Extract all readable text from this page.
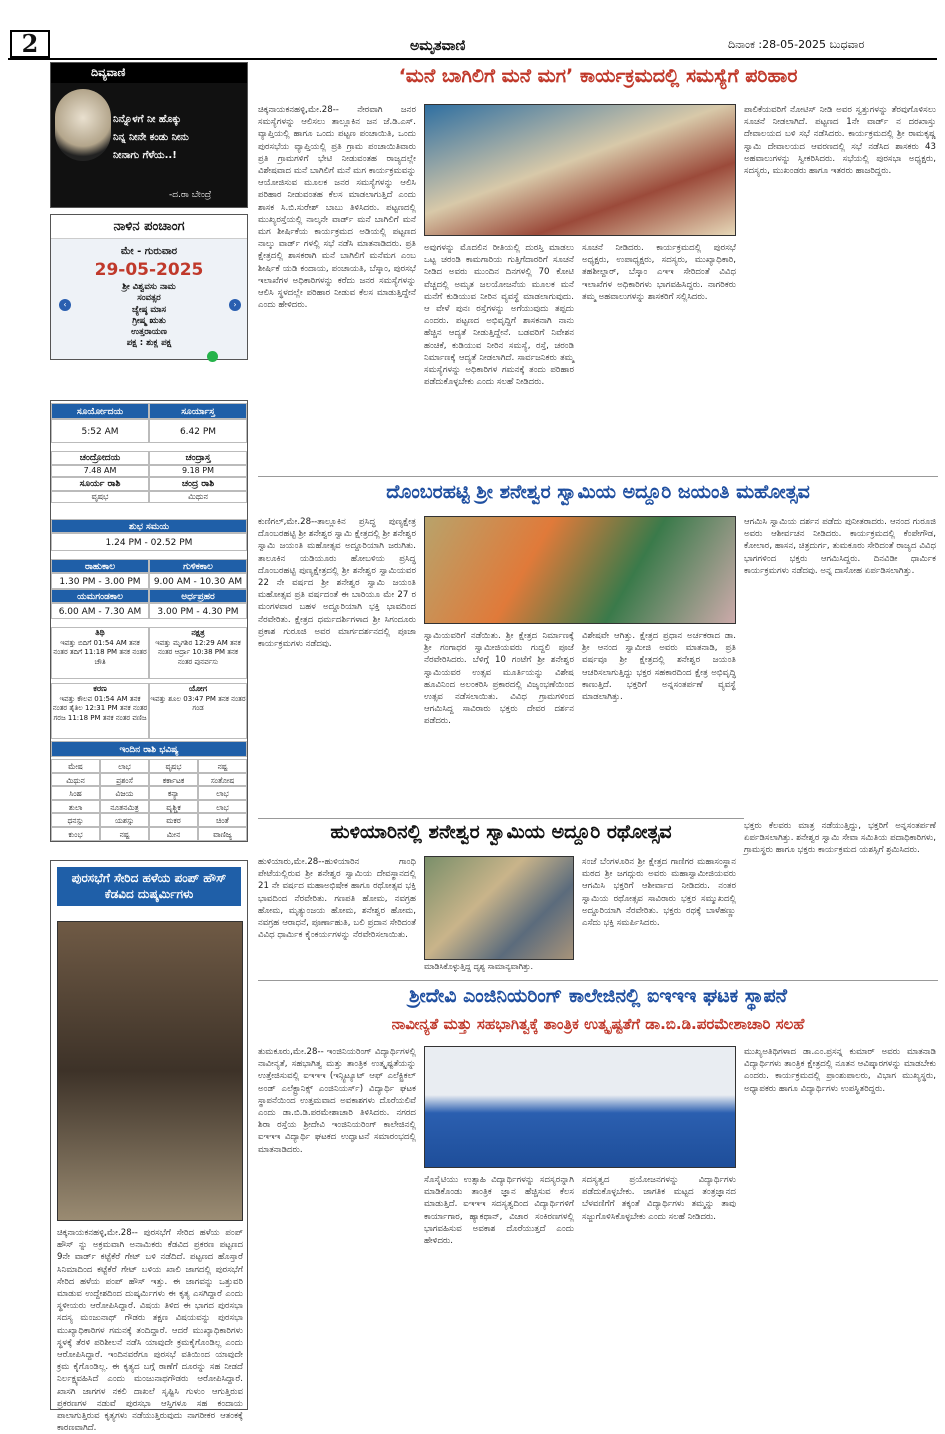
2	ಅಮೃತವಾಣಿ	ದಿನಾಂಕ :28-05-2025 ಬುಧವಾರ
ದಿವ್ಯವಾಣಿ
ನಿನ್ನೊಳಗೆ ನೀ ಹೊಕ್ಕು
ನಿನ್ನ ನೀನೇ ಕಂಡು ನೀನು
ನೀನಾಗು ಗೆಳೆಯ..!
-ದ.ರಾ ಬೇಂದ್ರೆ
ನಾಳಿನ ಪಂಚಾಂಗ
ಮೇ - ಗುರುವಾರ
29-05-2025
‹	›
ಶ್ರೀ ವಿಶ್ವವಸು ನಾಮ
ಸಂವತ್ಸರ
ಜ್ಯೇಷ್ಠ ಮಾಸ
ಗ್ರೀಷ್ಮ ಋತು
ಉತ್ತರಾಯಣ
ಪಕ್ಷ : ಶುಕ್ಲ ಪಕ್ಷ
ಸೂರ್ಯೋದಯ	ಸೂರ್ಯಾಸ್ತ
5:52 AM	6.42 PM
ಚಂದ್ರೋದಯ	ಚಂದ್ರಾಸ್ತ
7.48 AM	9.18 PM
ಸೂರ್ಯ ರಾಶಿ	ಚಂದ್ರ ರಾಶಿ
ವೃಷಭ	ಮಿಥುನ
ಶುಭ ಸಮಯ
1.24 PM - 02.52 PM
ರಾಹುಕಾಲ	ಗುಳಿಕಕಾಲ
1.30 PM - 3.00 PM	9.00 AM - 10.30 AM
ಯಮಗಂಡಕಾಲ	ಅರ್ಧಪ್ರಹರ
6.00 AM - 7.30 AM	3.00 PM - 4.30 PM
ತಿಥಿ
ಇವತ್ತು ಬಿದಿಗೆ 01:54 AM ತನಕ ನಂತರ ತದಿಗೆ 11:18 PM ತನಕ ನಂತರ ಚೌತಿ
ನಕ್ಷತ್ರ
ಇವತ್ತು ಮೃಗಶಿರ 12:29 AM ತನಕ ನಂತರ ಆರ್ದ್ರಾ 10:38 PM ತನಕ ನಂತರ ಪುನರ್ವಸು
ಕರಣ
ಇವತ್ತು ಕೌಲವ 01:54 AM ತನಕ ನಂತರ ತೈತಿಲ 12:31 PM ತನಕ ನಂತರ ಗರಜ 11:18 PM ತನಕ ನಂತರ ವಣಿಜ
ಯೋಗ
ಇವತ್ತು ಶೂಲ 03:47 PM ತನಕ ನಂತರ ಗಂಡ
ಇಂದಿನ ರಾಶಿ ಭವಿಷ್ಯ
ಮೇಷ	ಲಾಭ	ವೃಷಭ	ನಷ್ಟ
ಮಿಥುನ	ಪ್ರಶಂಸೆ	ಕರ್ಕಾಟಕ	ಸಂತೋಷ
ಸಿಂಹ	ವಿಜಯ	ಕನ್ಯಾ	ಲಾಭ
ತುಲಾ	ನೂತನಮಿತ್ರ	ವೃಶ್ಚಿಕ	ಲಾಭ
ಧನಸ್ಸು	ಯಶಸ್ಸು	ಮಕರ	ಚಿಂತೆ
ಕುಂಭ	ನಷ್ಟ	ಮೀನ	ವಾಣಿಜ್ಯ
ಪುರಸಭೆಗೆ ಸೇರಿದ ಹಳೆಯ ಪಂಪ್ ಹೌಸ್ ಕೆಡವಿದ ದುಷ್ಕರ್ಮಿಗಳು
ಚಿಕ್ಕನಾಯಕನಹಳ್ಳಿ,ಮೇ.28-- ಪುರಸಭೆಗೆ ಸೇರಿದ ಹಳೆಯ ಪಂಪ್ ಹೌಸ್ ನ್ನು ಅಕ್ರಮವಾಗಿ ಅನಾಮಿಕರು ಕೆಡವಿದ ಪ್ರಕರಣ ಪಟ್ಟಣದ 9ನೇ ವಾರ್ಡ್ ಕಟ್ಟೆಕೆರೆ ಗೇಟ್ ಬಳಿ ನಡೆದಿದೆ. ಪಟ್ಟಣದ ಹೊಸ್ತಾರೆ ಸಿನಿಮಾದಿಂದ ಕಟ್ಟೆಕೆರೆ ಗೇಟ್ ಬಳಿಯ ಖಾಲಿ ಜಾಗದಲ್ಲಿ ಪುರಸಭೆಗೆ ಸೇರಿದ ಹಳೆಯ ಪಂಪ್ ಹೌಸ್ ಇತ್ತು. ಈ ಜಾಗವನ್ನು ಒತ್ತುವರಿ ಮಾಡುವ ಉದ್ದೇಶದಿಂದ ದುಷ್ಕರ್ಮಿಗಳು ಈ ಕೃತ್ಯ ಎಸಗಿದ್ದಾರೆ ಎಂದು ಸ್ಥಳೀಯರು ಆರೋಪಿಸಿದ್ದಾರೆ. ವಿಷಯ ತಿಳಿದ ಈ ಭಾಗದ ಪುರಸಭಾ ಸದಸ್ಯ ಮಂಜುನಾಥ್ ಗೌಡರು ತಕ್ಷಣ ವಿಷಯವನ್ನು ಪುರಸಭಾ ಮುಖ್ಯಾಧಿಕಾರಿಗಳ ಗಮನಕ್ಕೆ ತಂದಿದ್ದಾರೆ. ಆದರೆ ಮುಖ್ಯಾಧಿಕಾರಿಗಳು ಸ್ಥಳಕ್ಕೆ ತೆರಳಿ ಪರಿಶೀಲನೆ ನಡೆಸಿ ಯಾವುದೇ ಕ್ರಮಕೈಗೊಂಡಿಲ್ಲ ಎಂದು ಆರೋಪಿಸಿದ್ದಾರೆ. ಇಂದಿನವರೆಗೂ ಪುರಸಭೆ ವತಿಯಿಂದ ಯಾವುದೇ ಕ್ರಮ ಕೈಗೊಂಡಿಲ್ಲ. ಈ ಕೃತ್ಯದ ಬಗ್ಗೆ ಠಾಣೆಗೆ ದೂರನ್ನು ಸಹ ನೀಡದೆ ನಿರ್ಲಕ್ಷ್ಯವಹಿಸಿದೆ ಎಂದು ಮಂಜುನಾಥಗೌಡರು ಆರೋಪಿಸಿದ್ದಾರೆ. ಖಾಸಗಿ ಜಾಗಗಳ ನಕಲಿ ದಾಖಲೆ ಸೃಷ್ಟಿಸಿ ಗುಳುಂ ಆಗುತ್ತಿರುವ ಪ್ರಕರಣಗಳ ನಡುವೆ ಪುರಸಭಾ ಆಸ್ತಿಗಳೂ ಸಹ ಕಂದಾಯ ಪಾಲಾಗುತ್ತಿರುವ ಕೃತ್ಯಗಳು ನಡೆಯುತ್ತಿರುವುದು ನಾಗರೀಕರ ಆತಂಕಕ್ಕೆ ಕಾರಣವಾಗಿದೆ.
‘ಮನೆ ಬಾಗಿಲಿಗೆ ಮನೆ ಮಗ’ ಕಾರ್ಯಕ್ರಮದಲ್ಲಿ ಸಮಸ್ಯೆಗೆ ಪರಿಹಾರ
ಚಿಕ್ಕನಾಯಕನಹಳ್ಳಿ,ಮೇ.28-- ನೇರವಾಗಿ ಜನರ ಸಮಸ್ಯೆಗಳನ್ನು ಆಲಿಸಲು ತಾಲ್ಲೂಕಿನ ಜನ ಜೆ.ಡಿ.ಎಸ್. ವ್ಯಾಪ್ತಿಯಲ್ಲಿ ಹಾಗೂ ಒಂದು ಪಟ್ಟಣ ಪಂಚಾಯಿತಿ, ಒಂದು ಪುರಸಭೆಯ ವ್ಯಾಪ್ತಿಯಲ್ಲಿ ಪ್ರತಿ ಗ್ರಾಮ ಪಂಚಾಯಿತಿವಾರು ಪ್ರತಿ ಗ್ರಾಮಗಳಿಗೆ ಭೇಟಿ ನೀಡುವಂತಹ ರಾಜ್ಯದಲ್ಲೇ ವಿಶೇಷವಾದ ಮನೆ ಬಾಗಿಲಿಗೆ ಮನೆ ಮಗ ಕಾರ್ಯಕ್ರಮವನ್ನು ಆಯೋಜಿಸುವ ಮೂಲಕ ಜನರ ಸಮಸ್ಯೆಗಳನ್ನು ಆಲಿಸಿ ಪರಿಹಾರ ನೀಡುವಂತಹ ಕೆಲಸ ಮಾಡಲಾಗುತ್ತಿದೆ ಎಂದು ಶಾಸಕ ಸಿ.ಬಿ.ಸುರೇಶ್ ಬಾಬು ತಿಳಿಸಿದರು. ಪಟ್ಟಣದಲ್ಲಿ ಮುಖ್ಯರಸ್ತೆಯಲ್ಲಿ ನಾಲ್ಕನೇ ವಾರ್ಡ್ ಮನೆ ಬಾಗಿಲಿಗೆ ಮನೆ ಮಗ ಶೀರ್ಷಿಕೆಯ ಕಾರ್ಯಕ್ರಮದ ಅಡಿಯಲ್ಲಿ ಪಟ್ಟಣದ ನಾಲ್ಕು ವಾರ್ಡ್ ಗಳಲ್ಲಿ ಸಭೆ ನಡೆಸಿ ಮಾತನಾಡಿದರು. ಪ್ರತಿ ಕ್ಷೇತ್ರದಲ್ಲಿ ಶಾಸಕರಾಗಿ ಮನೆ ಬಾಗಿಲಿಗೆ ಮನೆಮಗ ಎಂಬ ಶೀರ್ಷಿಕೆ ಯಡಿ ಕಂದಾಯ, ಪಂಚಾಯತಿ, ಬೆಸ್ಕಾಂ, ಪುರಸಭೆ ಇಲಾಖೆಗಳ ಅಧಿಕಾರಿಗಳನ್ನು ಕರೆದು ಜನರ ಸಮಸ್ಯೆಗಳನ್ನು ಆಲಿಸಿ ಸ್ಥಳದಲ್ಲೇ ಪರಿಹಾರ ನೀಡುವ ಕೆಲಸ ಮಾಡುತ್ತಿದ್ದೇನೆ ಎಂದು ಹೇಳಿದರು.
ಅವುಗಳನ್ನು ಮೊದಲಿನ ರೀತಿಯಲ್ಲಿ ದುರಸ್ತಿ ಮಾಡಲು ಒಟ್ಟ ಚರಂಡಿ ಕಾಮಗಾರಿಯ ಗುತ್ತಿಗೆದಾರರಿಗೆ ಸೂಚನೆ ನೀಡಿದ ಅವರು ಮುಂದಿನ ದಿನಗಳಲ್ಲಿ 70 ಕೋಟಿ ವೆಚ್ಚದಲ್ಲಿ ಅಮೃತ ಜಲಯೋಜನೆಯ ಮೂಲಕ ಮನೆ ಮನೆಗೆ ಕುಡಿಯುವ ನೀರಿನ ವ್ಯವಸ್ಥೆ ಮಾಡಲಾಗುವುದು. ಆ ವೇಳೆ ಪುನಃ ರಸ್ತೆಗಳನ್ನು ಅಗೆಯುವುದು ತಪ್ಪದು ಎಂದರು. ಪಟ್ಟಣದ ಅಭಿವೃದ್ದಿಗೆ ಶಾಸಕನಾಗಿ ನಾನು ಹೆಚ್ಚಿನ ಆದ್ಯತೆ ನೀಡುತ್ತಿದ್ದೇನೆ. ಬಡವರಿಗೆ ನಿವೇಶನ ಹಂಚಿಕೆ, ಕುಡಿಯುವ ನೀರಿನ ಸಮಸ್ಯೆ, ರಸ್ತೆ, ಚರಂಡಿ ನಿರ್ಮಾಣಕ್ಕೆ ಆದ್ಯತೆ ನೀಡಲಾಗಿದೆ. ಸಾರ್ವಜನಿಕರು ತಮ್ಮ ಸಮಸ್ಯೆಗಳನ್ನು ಅಧಿಕಾರಿಗಳ ಗಮನಕ್ಕೆ ತಂದು ಪರಿಹಾರ ಪಡೆದುಕೊಳ್ಳಬೇಕು ಎಂದು ಸಲಹೆ ನೀಡಿದರು.
ಸೂಚನೆ ನೀಡಿದರು. ಕಾರ್ಯಕ್ರಮದಲ್ಲಿ ಪುರಸಭೆ ಅಧ್ಯಕ್ಷರು, ಉಪಾಧ್ಯಕ್ಷರು, ಸದಸ್ಯರು, ಮುಖ್ಯಾಧಿಕಾರಿ, ತಹಶೀಲ್ದಾರ್, ಬೆಸ್ಕಾಂ ಎಇಇ ಸೇರಿದಂತೆ ವಿವಿಧ ಇಲಾಖೆಗಳ ಅಧಿಕಾರಿಗಳು ಭಾಗವಹಿಸಿದ್ದರು. ನಾಗರಿಕರು ತಮ್ಮ ಅಹವಾಲುಗಳನ್ನು ಶಾಸಕರಿಗೆ ಸಲ್ಲಿಸಿದರು.
ಪಾಲಿಕೆಯವರಿಗೆ ನೋಟಿಸ್ ನೀಡಿ ಅವರ ಸ್ವತ್ತುಗಳನ್ನು ತೆರವುಗೊಳಿಸಲು ಸೂಚನೆ ನೀಡಲಾಗಿದೆ. ಪಟ್ಟಣದ 1ನೇ ವಾರ್ಡ್ ನ ದರಖಾಸ್ತು ದೇವಾಲಯದ ಬಳಿ ಸಭೆ ನಡೆಸಿದರು. ಕಾರ್ಯಕ್ರಮದಲ್ಲಿ ಶ್ರೀ ರಾಮಕೃಷ್ಣ ಸ್ವಾಮಿ ದೇವಾಲಯದ ಆವರಣದಲ್ಲಿ ಸಭೆ ನಡೆಸಿದ ಶಾಸಕರು 43 ಅಹವಾಲುಗಳನ್ನು ಸ್ವೀಕರಿಸಿದರು. ಸಭೆಯಲ್ಲಿ ಪುರಸಭಾ ಅಧ್ಯಕ್ಷರು, ಸದಸ್ಯರು, ಮುಖಂಡರು ಹಾಗೂ ಇತರರು ಹಾಜರಿದ್ದರು.
ದೊಂಬರಹಟ್ಟಿ ಶ್ರೀ ಶನೇಶ್ವರ ಸ್ವಾಮಿಯ ಅದ್ದೂರಿ ಜಯಂತಿ ಮಹೋತ್ಸವ
ಕುಣಿಗಲ್,ಮೇ.28--ತಾಲ್ಲೂಕಿನ ಪ್ರಸಿದ್ಧ ಪುಣ್ಯಕ್ಷೇತ್ರ ದೊಂಬರಹಟ್ಟಿ ಶ್ರೀ ಶನೇಶ್ವರ ಸ್ವಾಮಿ ಕ್ಷೇತ್ರದಲ್ಲಿ ಶ್ರೀ ಶನೇಶ್ವರ ಸ್ವಾಮಿ ಜಯಂತಿ ಮಹೋತ್ಸವ ಅದ್ದೂರಿಯಾಗಿ ಜರುಗಿತು. ತಾಲೂಕಿನ ಯಡಿಯೂರು ಹೋಬಳಿಯ ಪ್ರಸಿದ್ಧ ದೊಂಬರಹಟ್ಟಿ ಪುಣ್ಯಕ್ಷೇತ್ರದಲ್ಲಿ ಶ್ರೀ ಶನೇಶ್ವರ ಸ್ವಾಮಿಯವರ 22 ನೇ ವರ್ಷದ ಶ್ರೀ ಶನೇಶ್ವರ ಸ್ವಾಮಿ ಜಯಂತಿ ಮಹೋತ್ಸವ ಪ್ರತಿ ವರ್ಷದಂತೆ ಈ ಬಾರಿಯೂ ಮೇ 27 ರ ಮಂಗಳವಾರ ಬಹಳ ಅದ್ದೂರಿಯಾಗಿ ಭಕ್ತಿ ಭಾವದಿಂದ ನೆರವೇರಿತು. ಕ್ಷೇತ್ರದ ಧರ್ಮದರ್ಶಿಗಳಾದ ಶ್ರೀ ಸಿಗಂದೂರು ಪ್ರಕಾಶ ಗುರೂಜಿ ಅವರ ಮಾರ್ಗದರ್ಶನದಲ್ಲಿ ಪೂಜಾ ಕಾರ್ಯಕ್ರಮಗಳು ನಡೆದವು.
ಸ್ವಾಮಿಯವರಿಗೆ ನಡೆಯಿತು. ಶ್ರೀ ಕ್ಷೇತ್ರದ ನಿರ್ಮಾಣಕ್ಕೆ ಶ್ರೀ ಗಂಗಾಧರ ಸ್ವಾಮೀಜಿಯವರು ಗುದ್ದಲಿ ಪೂಜೆ ನೆರವೇರಿಸಿದರು. ಬೆಳಿಗ್ಗೆ 10 ಗಂಟೆಗೆ ಶ್ರೀ ಶನೇಶ್ವರ ಸ್ವಾಮಿಯವರ ಉತ್ಸವ ಮೂರ್ತಿಯನ್ನು ವಿಶೇಷ ಹೂವಿನಿಂದ ಅಲಂಕರಿಸಿ ಪ್ರಕಾರದಲ್ಲಿ ವಿಜೃಂಭಣೆಯಿಂದ ಉತ್ಸವ ನಡೆಸಲಾಯಿತು. ವಿವಿಧ ಗ್ರಾಮಗಳಿಂದ ಆಗಮಿಸಿದ್ದ ಸಾವಿರಾರು ಭಕ್ತರು ದೇವರ ದರ್ಶನ ಪಡೆದರು.
ವಿಶೇಷವೇ ಆಗಿತ್ತು. ಕ್ಷೇತ್ರದ ಪ್ರಧಾನ ಅರ್ಚಕರಾದ ಡಾ. ಶ್ರೀ ಆನಂದ ಸ್ವಾಮೀಜಿ ಅವರು ಮಾತನಾಡಿ, ಪ್ರತಿ ವರ್ಷವೂ ಶ್ರೀ ಕ್ಷೇತ್ರದಲ್ಲಿ ಶನೇಶ್ವರ ಜಯಂತಿ ಆಚರಿಸಲಾಗುತ್ತಿದ್ದು ಭಕ್ತರ ಸಹಕಾರದಿಂದ ಕ್ಷೇತ್ರ ಅಭಿವೃದ್ಧಿ ಕಾಣುತ್ತಿದೆ. ಭಕ್ತರಿಗೆ ಅನ್ನಸಂತರ್ಪಣೆ ವ್ಯವಸ್ಥೆ ಮಾಡಲಾಗಿತ್ತು.
ಆಗಮಿಸಿ ಸ್ವಾಮಿಯ ದರ್ಶನ ಪಡೆದು ಪುನೀತರಾದರು. ಆನಂದ ಗುರೂಜಿ ಅವರು ಆಶೀರ್ವಚನ ನೀಡಿದರು. ಕಾರ್ಯಕ್ರಮದಲ್ಲಿ ಕೆಂಪೇಗೌಡ, ಕೋಲಾರ, ಹಾಸನ, ಚಿತ್ರದುರ್ಗ, ತುಮಕೂರು ಸೇರಿದಂತೆ ರಾಜ್ಯದ ವಿವಿಧ ಭಾಗಗಳಿಂದ ಭಕ್ತರು ಆಗಮಿಸಿದ್ದರು. ದಿನವಿಡೀ ಧಾರ್ಮಿಕ ಕಾರ್ಯಕ್ರಮಗಳು ನಡೆದವು. ಅನ್ನ ದಾಸೋಹ ಏರ್ಪಡಿಸಲಾಗಿತ್ತು.
ಹುಳಿಯಾರಿನಲ್ಲಿ ಶನೇಶ್ವರ ಸ್ವಾಮಿಯ ಅದ್ದೂರಿ ರಥೋತ್ಸವ
ಹುಳಿಯಾರು,ಮೇ.28--ಹುಳಿಯಾರಿನ ಗಾಂಧಿ ಪೇಟೆಯಲ್ಲಿರುವ ಶ್ರೀ ಶನೇಶ್ವರ ಸ್ವಾಮಿಯ ದೇವಸ್ಥಾನದಲ್ಲಿ 21 ನೇ ವರ್ಷದ ಮಹಾಅಭಿಷೇಕ ಹಾಗೂ ರಥೋತ್ಸವ ಭಕ್ತಿ ಭಾವದಿಂದ ನೆರವೇರಿತು. ಗಣಪತಿ ಹೋಮ, ನವಗ್ರಹ ಹೋಮ, ಮೃತ್ಯುಂಜಯ ಹೋಮ, ಶನೇಶ್ವರ ಹೋಮ, ನವಗ್ರಹ ಆರಾಧನೆ, ಪೂರ್ಣಾಹುತಿ, ಬಲಿ ಪ್ರದಾನ ಸೇರಿದಂತೆ ವಿವಿಧ ಧಾರ್ಮಿಕ ಕೈಂಕರ್ಯಗಳನ್ನು ನೆರವೇರಿಸಲಾಯಿತು.
ಮಾಡಿಸಿಕೊಳ್ಳುತ್ತಿದ್ದ ದೃಶ್ಯ ಸಾಮಾನ್ಯವಾಗಿತ್ತು.
ಸಂಜೆ ಬೆಂಗಳೂರಿನ ಶ್ರೀ ಕ್ಷೇತ್ರದ ಗಾಣಿಗರ ಮಹಾಸಂಸ್ಥಾನ ಮಠದ ಶ್ರೀ ಜಗದ್ಗುರು ಅವರು ಮಹಾಸ್ವಾಮೀಜಿಯವರು ಆಗಮಿಸಿ ಭಕ್ತರಿಗೆ ಆಶೀರ್ವಾದ ನೀಡಿದರು. ನಂತರ ಸ್ವಾಮಿಯ ರಥೋತ್ಸವ ಸಾವಿರಾರು ಭಕ್ತರ ಸಮ್ಮುಖದಲ್ಲಿ ಅದ್ದೂರಿಯಾಗಿ ನೆರವೇರಿತು. ಭಕ್ತರು ರಥಕ್ಕೆ ಬಾಳೆಹಣ್ಣು ಎಸೆದು ಭಕ್ತಿ ಸಮರ್ಪಿಸಿದರು.
ಭಕ್ತರು ಕೆಲವರು ಮಾತ್ರ ನಡೆಯುತ್ತಿದ್ದು, ಭಕ್ತರಿಗೆ ಅನ್ನಸಂತರ್ಪಣೆ ಏರ್ಪಡಿಸಲಾಗಿತ್ತು. ಶನೇಶ್ವರ ಸ್ವಾಮಿ ಸೇವಾ ಸಮಿತಿಯ ಪದಾಧಿಕಾರಿಗಳು, ಗ್ರಾಮಸ್ಥರು ಹಾಗೂ ಭಕ್ತರು ಕಾರ್ಯಕ್ರಮದ ಯಶಸ್ಸಿಗೆ ಶ್ರಮಿಸಿದರು.
ಶ್ರೀದೇವಿ ಎಂಜಿನಿಯರಿಂಗ್ ಕಾಲೇಜಿನಲ್ಲಿ ಐಇಇಇ ಘಟಕ ಸ್ಥಾಪನೆ
ನಾವೀನ್ಯತೆ ಮತ್ತು ಸಹಭಾಗಿತ್ವಕ್ಕೆ ತಾಂತ್ರಿಕ ಉತ್ಕೃಷ್ಟತೆಗೆ ಡಾ.ಬಿ.ಡಿ.ಪರಮೇಶಾಚಾರಿ ಸಲಹೆ
ತುಮಕೂರು,ಮೇ.28-- ಇಂಜಿನಿಯರಿಂಗ್ ವಿದ್ಯಾರ್ಥಿಗಳಲ್ಲಿ ನಾವೀನ್ಯತೆ, ಸಹಭಾಗಿತ್ವ ಮತ್ತು ತಾಂತ್ರಿಕ ಉತ್ಕೃಷ್ಟತೆಯನ್ನು ಉತ್ತೇಜಿಸುವಲ್ಲಿ ಐಇಇಇ (ಇನ್ಸ್ಟಿಟ್ಯೂಟ್ ಆಫ್ ಎಲೆಕ್ಟ್ರಿಕಲ್ ಅಂಡ್ ಎಲೆಕ್ಟ್ರಾನಿಕ್ಸ್ ಎಂಜಿನಿಯರ್ಸ್) ವಿದ್ಯಾರ್ಥಿ ಘಟಕ ಸ್ಥಾಪನೆಯಿಂದ ಉತ್ತಮವಾದ ಅವಕಾಶಗಳು ದೊರೆಯಲಿವೆ ಎಂದು ಡಾ.ಬಿ.ಡಿ.ಪರಮೇಶಾಚಾರಿ ತಿಳಿಸಿದರು. ನಗರದ ಶಿರಾ ರಸ್ತೆಯ ಶ್ರೀದೇವಿ ಇಂಜಿನಿಯರಿಂಗ್ ಕಾಲೇಜಿನಲ್ಲಿ ಐಇಇಇ ವಿದ್ಯಾರ್ಥಿ ಘಟಕದ ಉದ್ಘಾಟನೆ ಸಮಾರಂಭದಲ್ಲಿ ಮಾತನಾಡಿದರು.
ಸೊಸೈಟಿಯು ಉತ್ಸಾಹಿ ವಿದ್ಯಾರ್ಥಿಗಳನ್ನು ಸದಸ್ಯರನ್ನಾಗಿ ಮಾಡಿಕೊಂಡು ತಾಂತ್ರಿಕ ಜ್ಞಾನ ಹೆಚ್ಚಿಸುವ ಕೆಲಸ ಮಾಡುತ್ತಿದೆ. ಐಇಇಇ ಸದಸ್ಯತ್ವದಿಂದ ವಿದ್ಯಾರ್ಥಿಗಳಿಗೆ ಕಾರ್ಯಾಗಾರ, ಹ್ಯಾಕಥಾನ್, ವಿಚಾರ ಸಂಕಿರಣಗಳಲ್ಲಿ ಭಾಗವಹಿಸುವ ಅವಕಾಶ ದೊರೆಯುತ್ತದೆ ಎಂದು ಹೇಳಿದರು.
ಸದಸ್ಯತ್ವದ ಪ್ರಯೋಜನಗಳನ್ನು ವಿದ್ಯಾರ್ಥಿಗಳು ಪಡೆದುಕೊಳ್ಳಬೇಕು. ಜಾಗತಿಕ ಮಟ್ಟದ ತಂತ್ರಜ್ಞಾನದ ಬೆಳವಣಿಗೆಗೆ ತಕ್ಕಂತೆ ವಿದ್ಯಾರ್ಥಿಗಳು ತಮ್ಮನ್ನು ತಾವು ಸಜ್ಜುಗೊಳಿಸಿಕೊಳ್ಳಬೇಕು ಎಂದು ಸಲಹೆ ನೀಡಿದರು.
ಮುಖ್ಯಅತಿಥಿಗಳಾದ ಡಾ.ಎಂ.ಪ್ರಸನ್ನ ಕುಮಾರ್ ಅವರು ಮಾತನಾಡಿ ವಿದ್ಯಾರ್ಥಿಗಳು ತಾಂತ್ರಿಕ ಕ್ಷೇತ್ರದಲ್ಲಿ ನೂತನ ಆವಿಷ್ಕಾರಗಳನ್ನು ಮಾಡಬೇಕು ಎಂದರು. ಕಾರ್ಯಕ್ರಮದಲ್ಲಿ ಪ್ರಾಂಶುಪಾಲರು, ವಿಭಾಗ ಮುಖ್ಯಸ್ಥರು, ಅಧ್ಯಾಪಕರು ಹಾಗೂ ವಿದ್ಯಾರ್ಥಿಗಳು ಉಪಸ್ಥಿತರಿದ್ದರು.
